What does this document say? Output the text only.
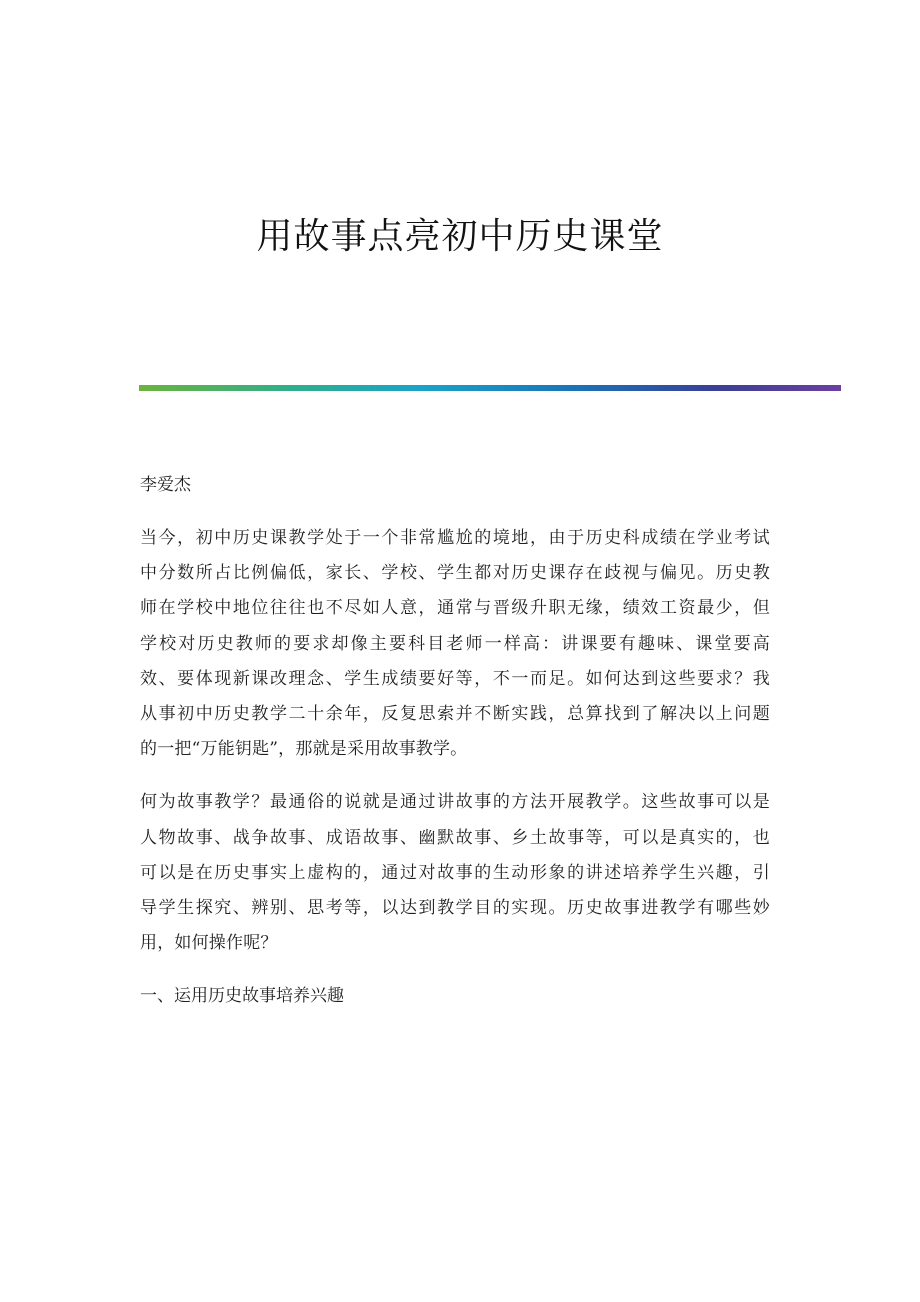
用故事点亮初中历史课堂
李爱杰
当今，初中历史课教学处于一个非常尴尬的境地，由于历史科成绩在学业考试
中分数所占比例偏低，家长、学校、学生都对历史课存在歧视与偏见。历史教
师在学校中地位往往也不尽如人意，通常与晋级升职无缘，绩效工资最少，但
学校对历史教师的要求却像主要科目老师一样高：讲课要有趣味、课堂要高
效、要体现新课改理念、学生成绩要好等，不一而足。如何达到这些要求？我
从事初中历史教学二十余年，反复思索并不断实践，总算找到了解决以上问题
的一把“万能钥匙”，那就是采用故事教学。
何为故事教学？最通俗的说就是通过讲故事的方法开展教学。这些故事可以是
人物故事、战争故事、成语故事、幽默故事、乡土故事等，可以是真实的，也
可以是在历史事实上虚构的，通过对故事的生动形象的讲述培养学生兴趣，引
导学生探究、辨别、思考等，以达到教学目的实现。历史故事进教学有哪些妙
用，如何操作呢？
一、运用历史故事培养兴趣
